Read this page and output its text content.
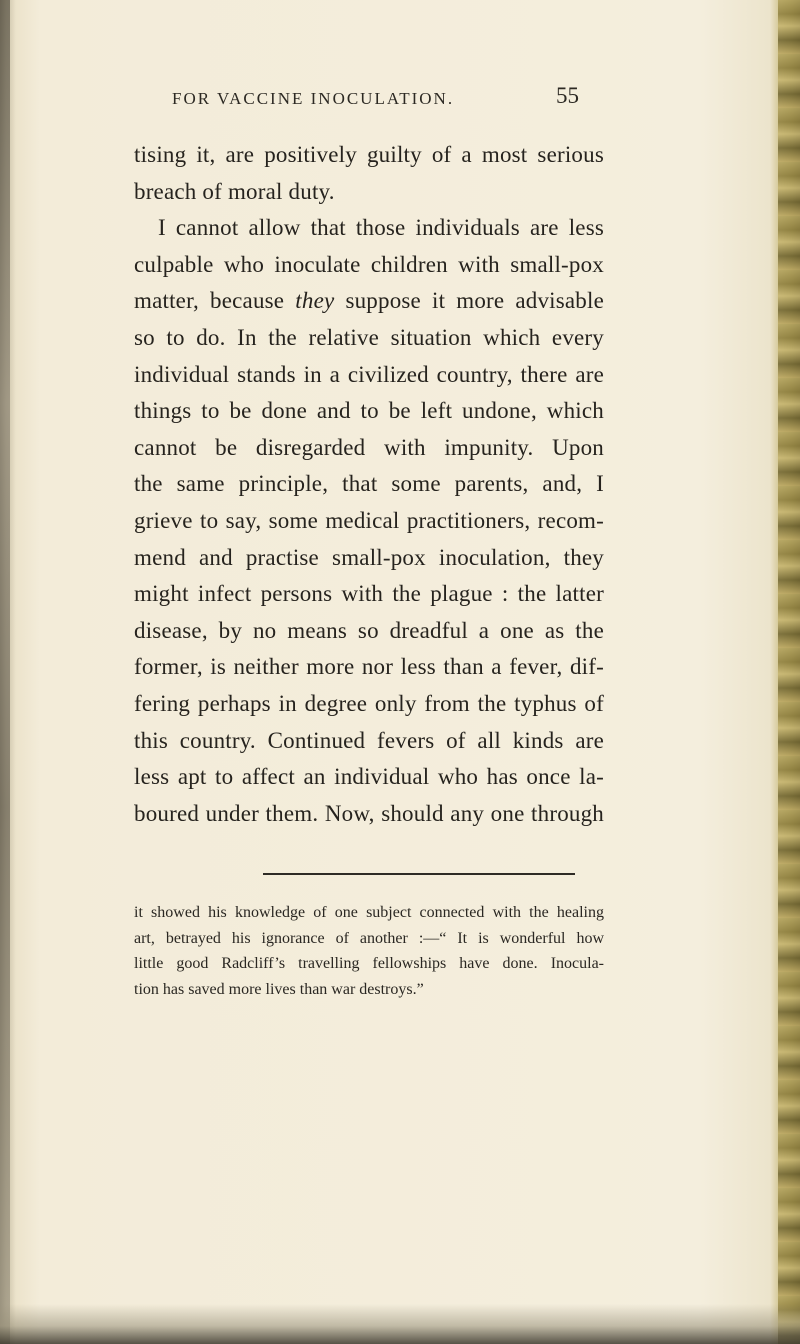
FOR VACCINE INOCULATION.	55
tising it, are positively guilty of a most serious
breach of moral duty.
I cannot allow that those individuals are less
culpable who inoculate children with small-pox
matter, because they suppose it more advisable
so to do. In the relative situation which every
individual stands in a civilized country, there are
things to be done and to be left undone, which
cannot be disregarded with impunity. Upon
the same principle, that some parents, and, I
grieve to say, some medical practitioners, recom-
mend and practise small-pox inoculation, they
might infect persons with the plague : the latter
disease, by no means so dreadful a one as the
former, is neither more nor less than a fever, dif-
fering perhaps in degree only from the typhus of
this country. Continued fevers of all kinds are
less apt to affect an individual who has once la-
boured under them. Now, should any one through
it showed his knowledge of one subject connected with the healing
art, betrayed his ignorance of another :—“ It is wonderful how
little good Radcliff’s travelling fellowships have done. Inocula-
tion has saved more lives than war destroys.”
